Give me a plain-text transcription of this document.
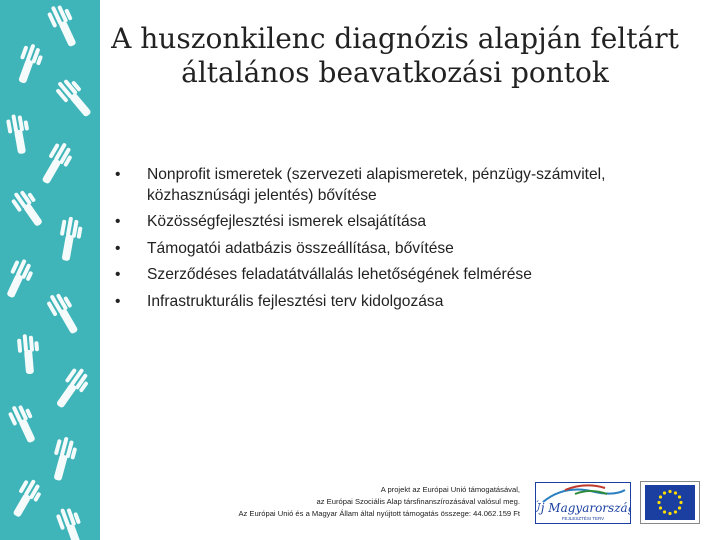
A huszonkilenc diagnózis alapján feltárt
általános beavatkozási pontok
• Nonprofit ismeretek (szervezeti alapismeretek, pénzügy-számvitel,
közhasznúsági jelentés) bővítése
• Közösségfejlesztési ismerek elsajátítása
• Támogatói adatbázis összeállítása, bővítése
• Szerződéses feladatátvállalás lehetőségének felmérése
• Infrastrukturális fejlesztési terv kidolgozása
A projekt az Európai Unió támogatásával,
az Európai Szociális Alap társfinanszírozásával valósul meg.
Az Európai Unió és a Magyar Állam által nyújtott támogatás összege: 44.062.159 Ft Új Magyarország
FEJLESZTÉSI TERV
